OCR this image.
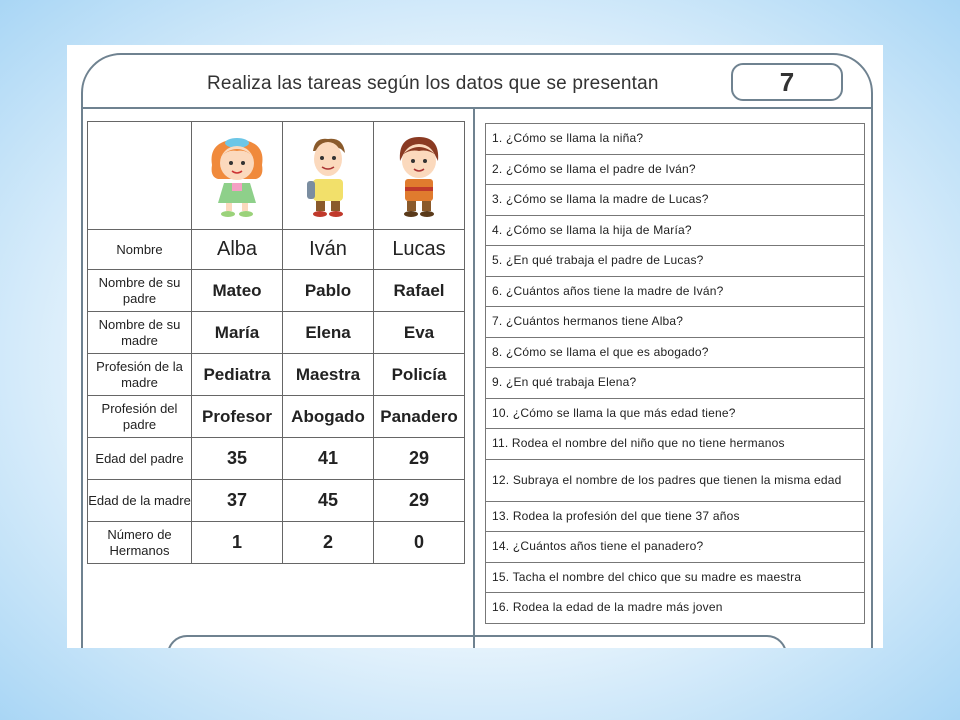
Realiza las tareas según los datos que se presentan	7

Nombre	Alba	Iván	Lucas
Nombre de su padre	Mateo	Pablo	Rafael
Nombre de su madre	María	Elena	Eva
Profesión de la madre	Pediatra	Maestra	Policía
Profesión del padre	Profesor	Abogado	Panadero
Edad del padre	35	41	29
Edad de la madre	37	45	29
Número de Hermanos	1	2	0
1. ¿Cómo se llama la niña?
2. ¿Cómo se llama el padre de Iván?
3. ¿Cómo se llama la madre de Lucas?
4. ¿Cómo se llama la hija de María?
5. ¿En qué trabaja el padre de Lucas?
6. ¿Cuántos años tiene la madre de Iván?
7. ¿Cuántos hermanos tiene Alba?
8. ¿Cómo se llama el que es abogado?
9. ¿En qué trabaja Elena?
10. ¿Cómo se llama la que más edad tiene?
11. Rodea el nombre del niño que no tiene hermanos
12. Subraya el nombre de los padres que tienen la misma edad
13. Rodea la profesión del que tiene 37 años
14. ¿Cuántos años tiene el panadero?
15. Tacha el nombre del chico que su madre es maestra
16. Rodea la edad de la madre más joven
